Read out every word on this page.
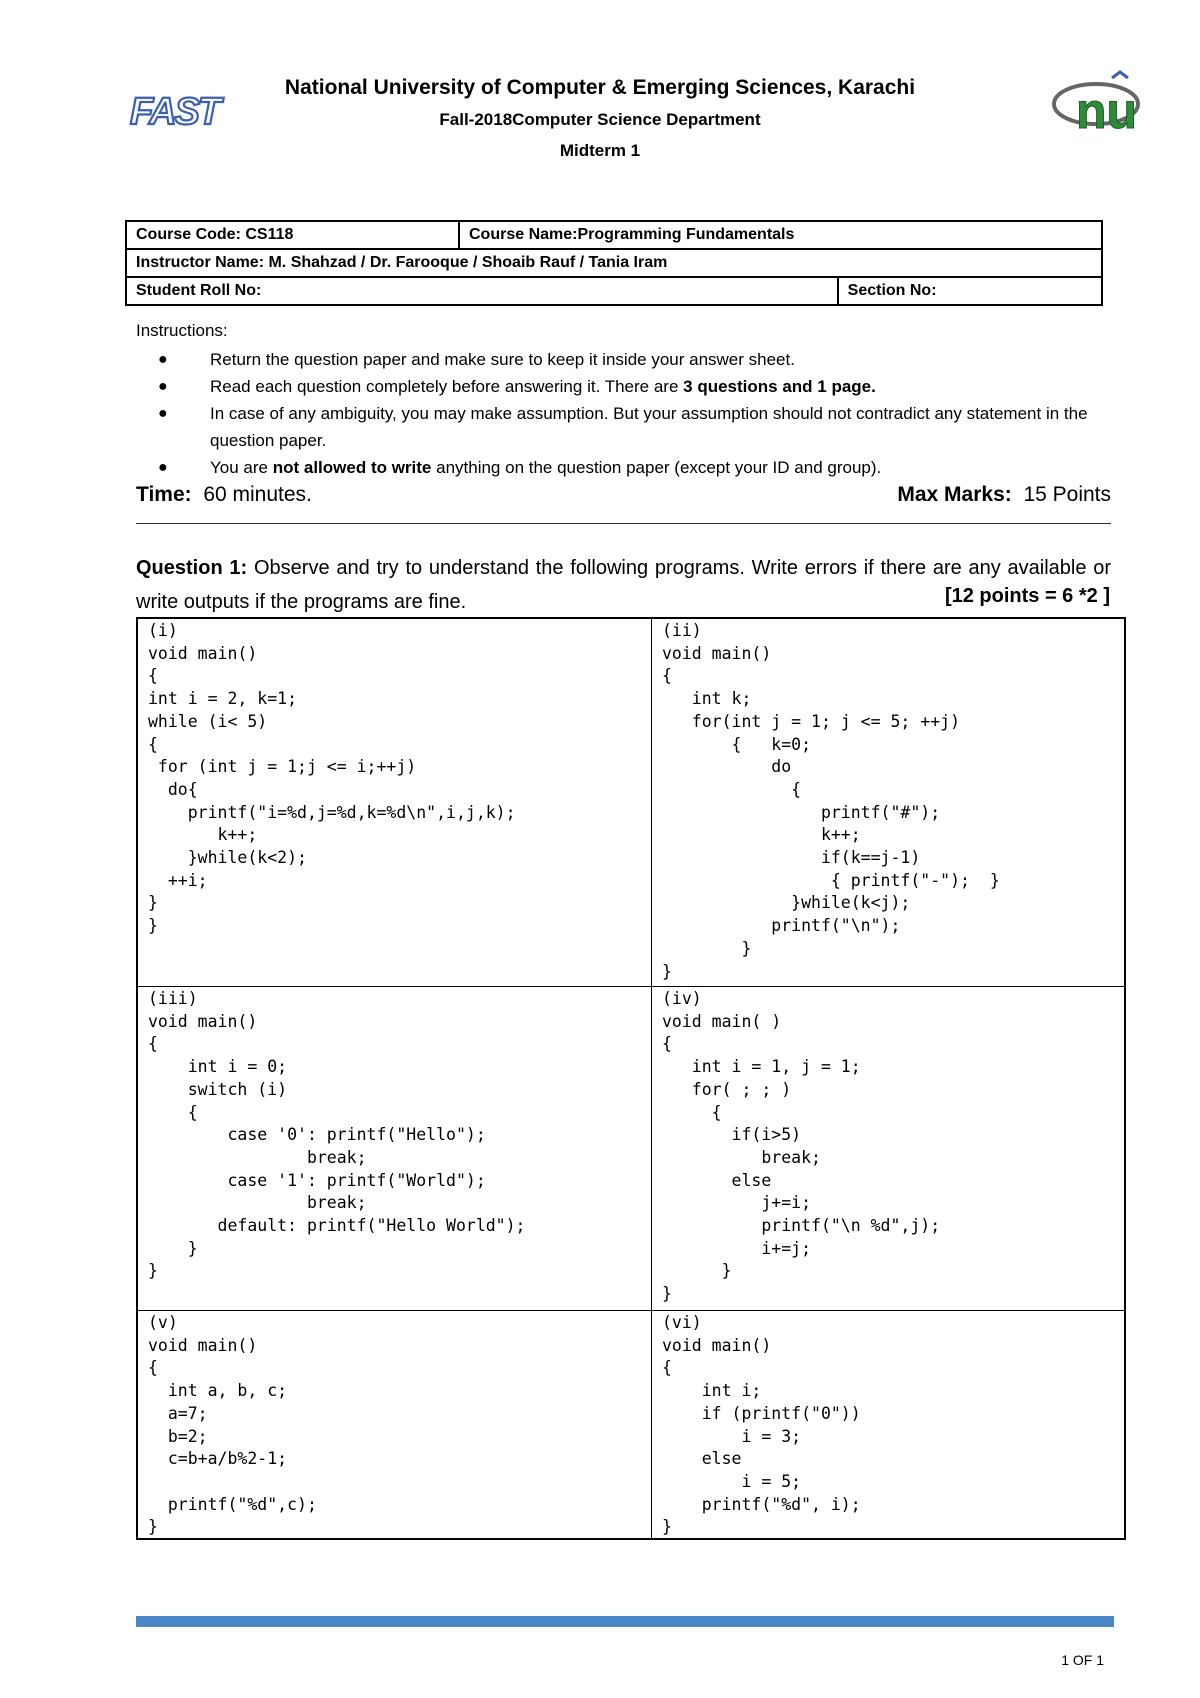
FAST	nu
National University of Computer & Emerging Sciences, Karachi
Fall-2018Computer Science Department
Midterm 1
Course Code: CS118	Course Name:Programming Fundamentals	
Instructor Name: M. Shahzad / Dr. Farooque / Shoaib Rauf / Tania Iram		
Student Roll No:		Section No:
Instructions:
● Return the question paper and make sure to keep it inside your answer sheet.
● Read each question completely before answering it. There are 3 questions and 1 page.
● In case of any ambiguity, you may make assumption. But your assumption should not contradict any statement in the question paper.
● You are not allowed to write anything on the question paper (except your ID and group).
Time: 60 minutes.	Max Marks: 15 Points
Question 1: Observe and try to understand the following programs. Write errors if there are any available or write outputs if the programs are fine.	[12 points = 6 *2 ]
(i)
void main()
{
int i = 2, k=1;
while (i< 5)
{
for (int j = 1;j <= i;++j)
do{
printf("i=%d,j=%d,k=%d\n",i,j,k);
k++;
}while(k<2);
++i;
}
}
(ii)
void main()
{
int k;
for(int j = 1; j <= 5; ++j)
{   k=0;
do
{
printf("#");
k++;
if(k==j-1)
{ printf("-");  }
}while(k<j);
printf("\n");
}
}
(iii)
void main()
{
int i = 0;
switch (i)
{
case '0': printf("Hello");
break;
case '1': printf("World");
break;
default: printf("Hello World");
}
}
(iv)
void main( )
{
int i = 1, j = 1;
for( ; ; )
{
if(i>5)
break;
else
j+=i;
printf("\n %d",j);
i+=j;
}
}
(v)
void main()
{
int a, b, c;
a=7;
b=2;
c=b+a/b%2-1;

printf("%d",c);
}
(vi)
void main()
{
int i;
if (printf("0"))
i = 3;
else
i = 5;
printf("%d", i);
}
1 OF 1
